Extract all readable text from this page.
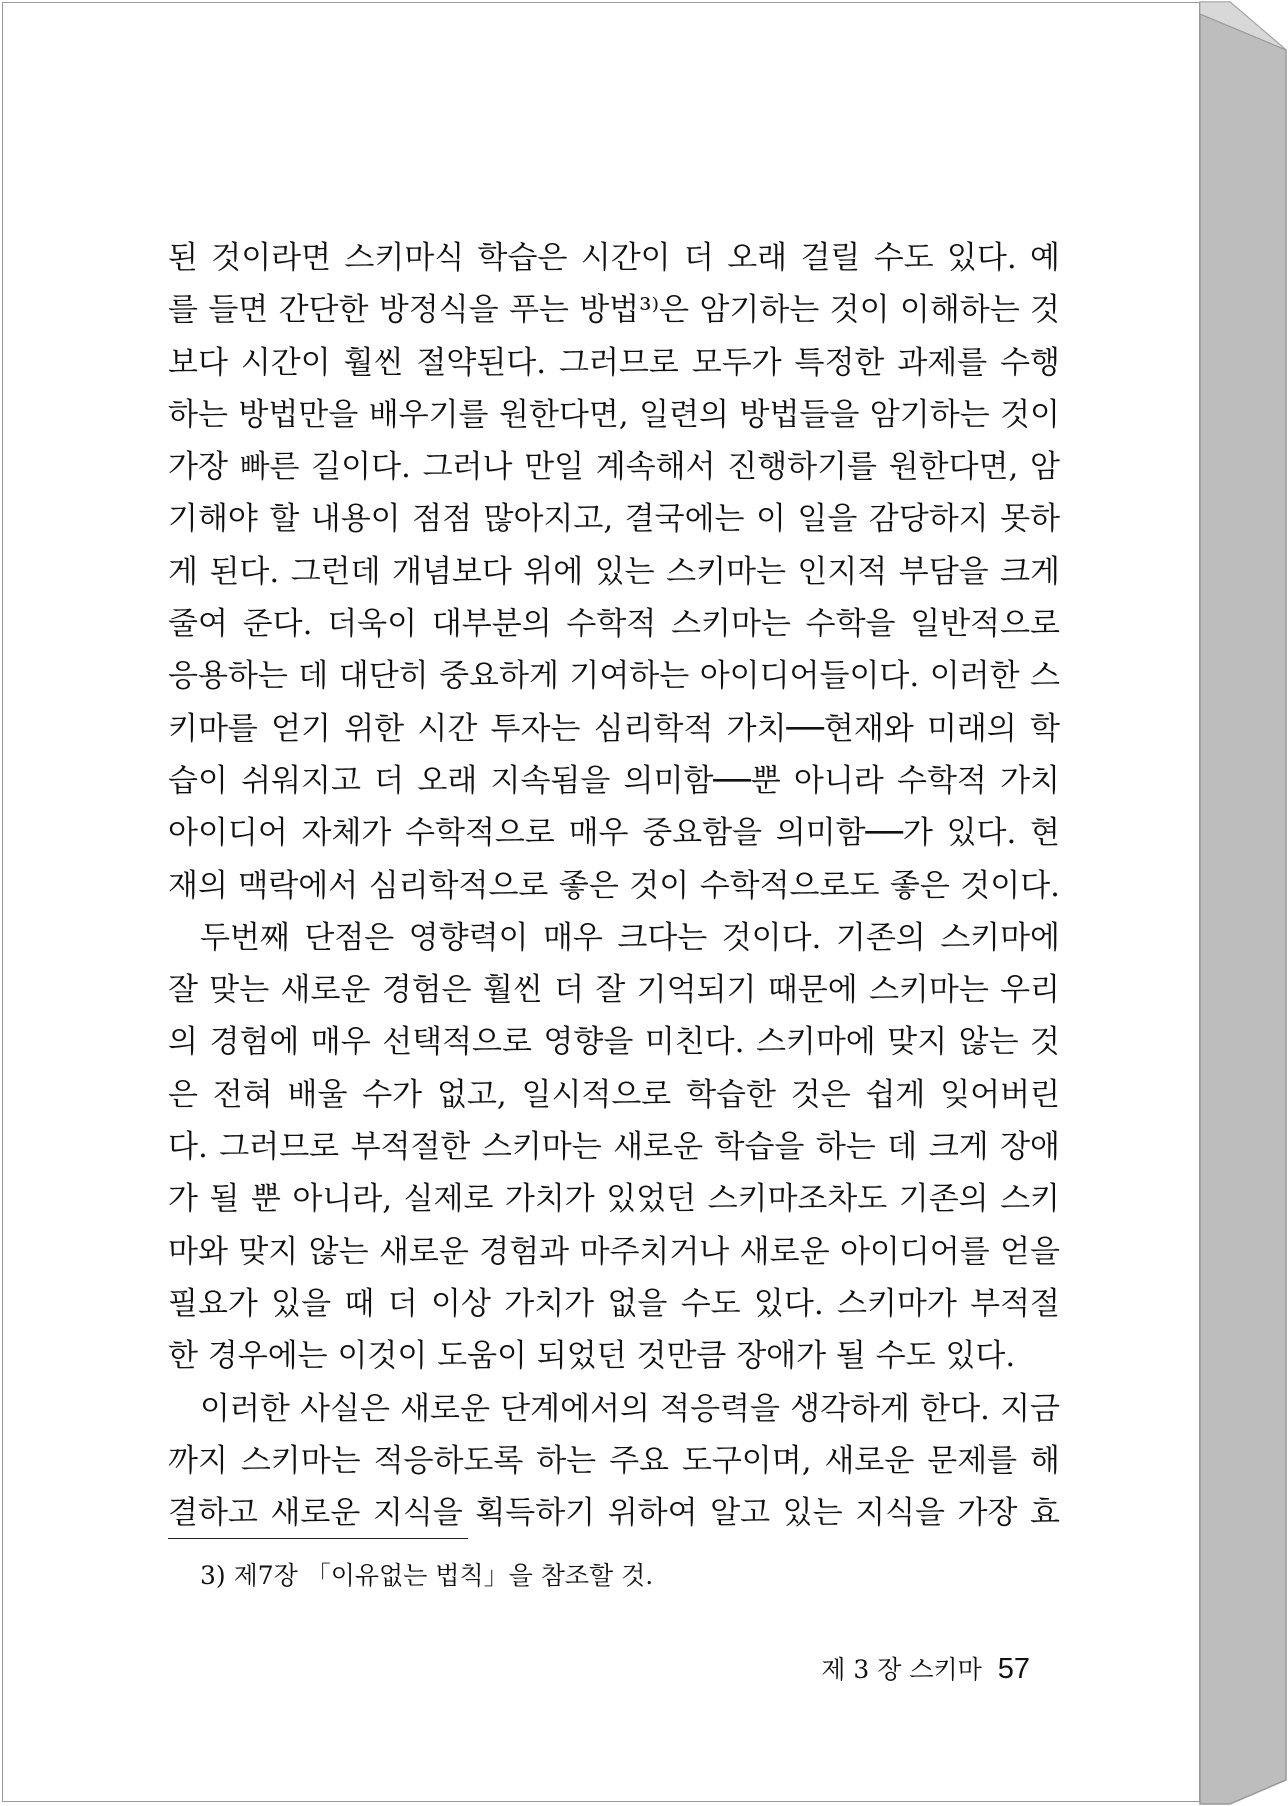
된 것이라면 스키마식 학습은 시간이 더 오래 걸릴 수도 있다. 예
를 들면 간단한 방정식을 푸는 방법³⁾은 암기하는 것이 이해하는 것
보다 시간이 훨씬 절약된다. 그러므로 모두가 특정한 과제를 수행
하는 방법만을 배우기를 원한다면, 일련의 방법들을 암기하는 것이
가장 빠른 길이다. 그러나 만일 계속해서 진행하기를 원한다면, 암
기해야 할 내용이 점점 많아지고, 결국에는 이 일을 감당하지 못하
게 된다. 그런데 개념보다 위에 있는 스키마는 인지적 부담을 크게
줄여 준다. 더욱이 대부분의 수학적 스키마는 수학을 일반적으로
응용하는 데 대단히 중요하게 기여하는 아이디어들이다. 이러한 스
키마를 얻기 위한 시간 투자는 심리학적 가치──현재와 미래의 학
습이 쉬워지고 더 오래 지속됨을 의미함──뿐 아니라 수학적 가치
아이디어 자체가 수학적으로 매우 중요함을 의미함──가 있다. 현
재의 맥락에서 심리학적으로 좋은 것이 수학적으로도 좋은 것이다.
두번째 단점은 영향력이 매우 크다는 것이다. 기존의 스키마에
잘 맞는 새로운 경험은 훨씬 더 잘 기억되기 때문에 스키마는 우리
의 경험에 매우 선택적으로 영향을 미친다. 스키마에 맞지 않는 것
은 전혀 배울 수가 없고, 일시적으로 학습한 것은 쉽게 잊어버린
다. 그러므로 부적절한 스키마는 새로운 학습을 하는 데 크게 장애
가 될 뿐 아니라, 실제로 가치가 있었던 스키마조차도 기존의 스키
마와 맞지 않는 새로운 경험과 마주치거나 새로운 아이디어를 얻을
필요가 있을 때 더 이상 가치가 없을 수도 있다. 스키마가 부적절
한 경우에는 이것이 도움이 되었던 것만큼 장애가 될 수도 있다.
이러한 사실은 새로운 단계에서의 적응력을 생각하게 한다. 지금
까지 스키마는 적응하도록 하는 주요 도구이며, 새로운 문제를 해
결하고 새로운 지식을 획득하기 위하여 알고 있는 지식을 가장 효
3) 제7장 「이유없는 법칙」을 참조할 것.
제 3 장 스키마 57
